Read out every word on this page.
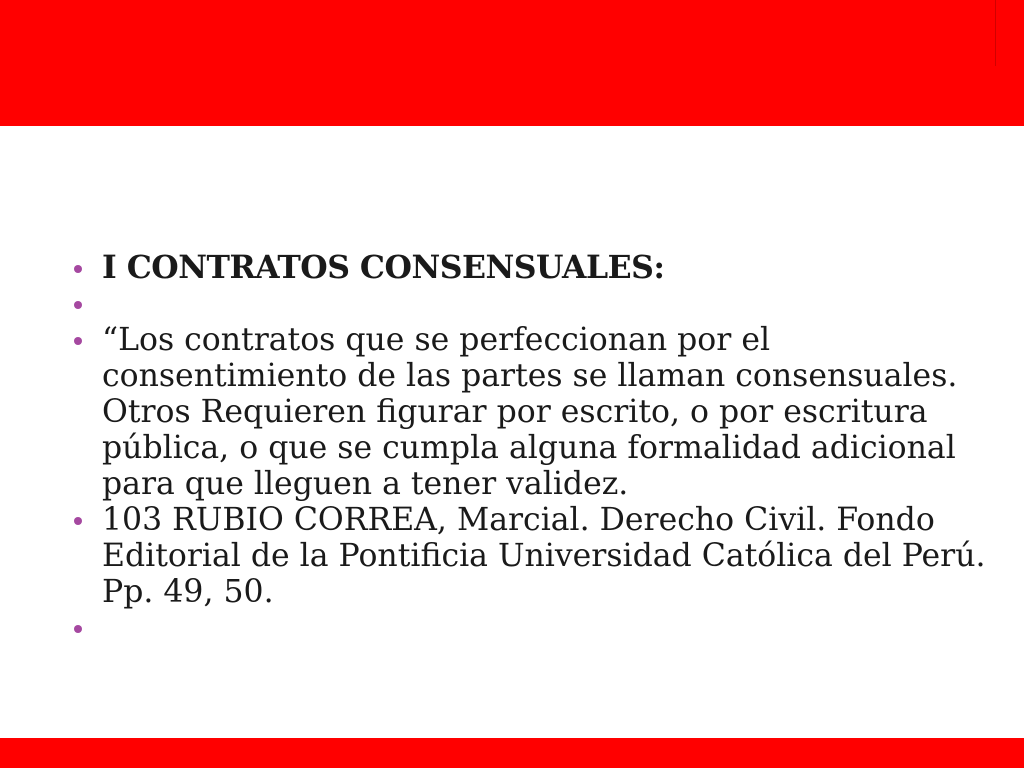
I CONTRATOS CONSENSUALES:
“Los contratos que se perfeccionan por el consentimiento de las partes se llaman consensuales. Otros Requieren figurar por escrito, o por escritura pública, o que se cumpla alguna formalidad adicional para que lleguen a tener validez.
103 RUBIO CORREA, Marcial. Derecho Civil. Fondo Editorial de la Pontificia Universidad Católica del Perú. Pp. 49, 50.
